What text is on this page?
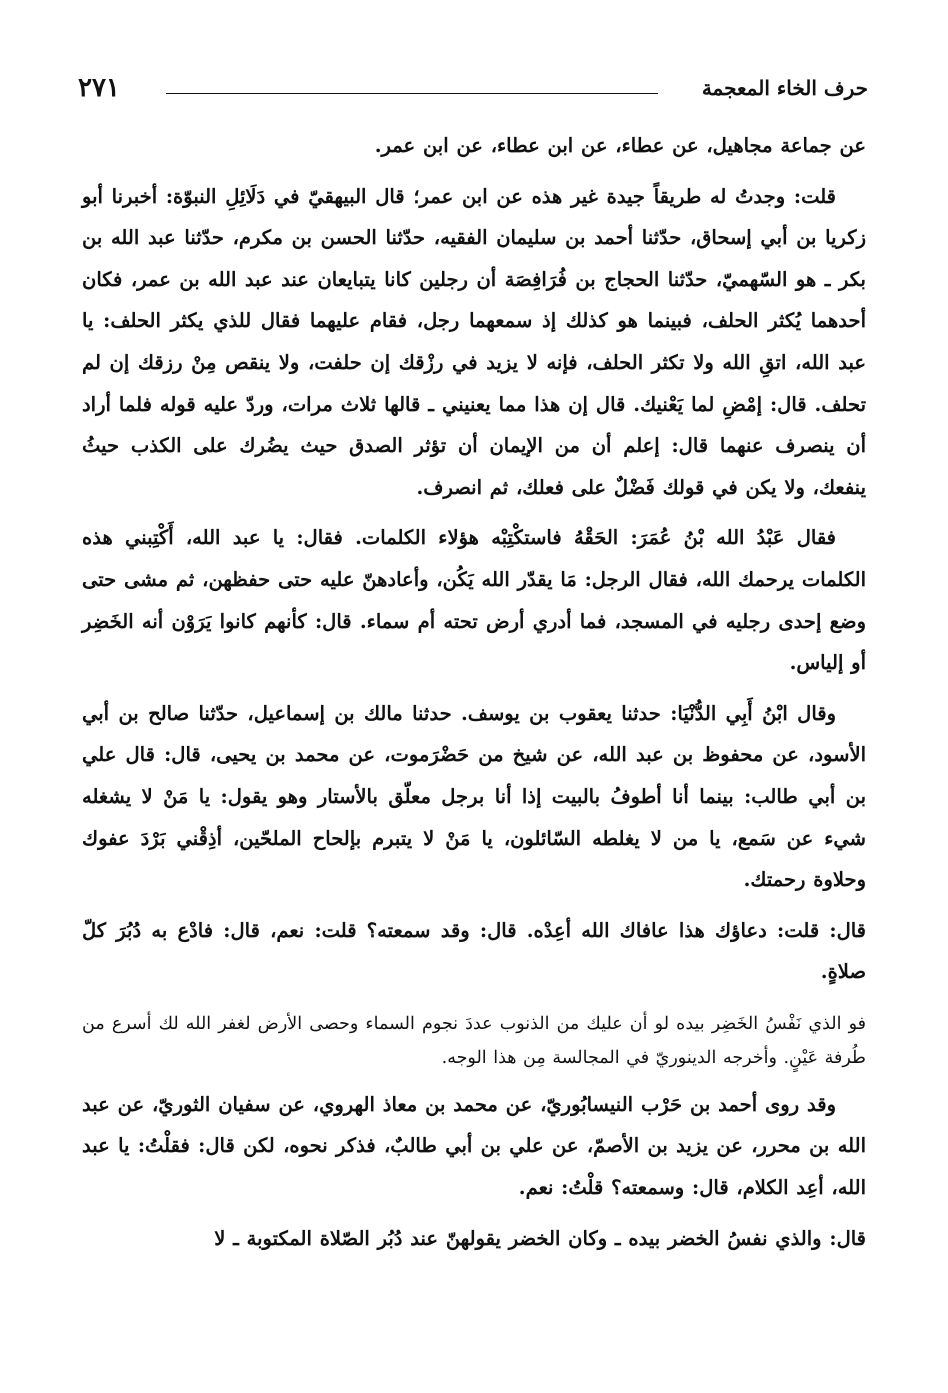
حرف الخاء المعجمة
٢٧١

عن جماعة مجاهيل، عن عطاء، عن ابن عطاء، عن ابن عمر.

قلت: وجدتُ له طريقاً جيدة غير هذه عن ابن عمر؛ قال البيهقيّ في دَلَائِلِ النبوّة: أخبرنا أبو زكريا بن أبي إسحاق، حدّثنا أحمد بن سليمان الفقيه، حدّثنا الحسن بن مكرم، حدّثنا عبد الله بن بكر ـ هو السّهميّ، حدّثنا الحجاج بن فُرَافِصَة أن رجلين كانا يتبايعان عند عبد الله بن عمر، فكان أحدهما يُكثر الحلف، فبينما هو كذلك إذ سمعهما رجل، فقام عليهما فقال للذي يكثر الحلف: يا عبد الله، اتقِ الله ولا تكثر الحلف، فإنه لا يزيد في رزْقك إن حلفت، ولا ينقص مِنْ رزقك إن لم تحلف. قال: إمْضِ لما يَعْنيك. قال إن هذا مما يعنيني ـ قالها ثلاث مرات، وردّ عليه قوله فلما أراد أن ينصرف عنهما قال: إعلم أن من الإيمان أن تؤثر الصدق حيث يضُرك على الكذب حيثُ ينفعك، ولا يكن في قولك فَضْلٌ على فعلك، ثم انصرف.

فقال عَبْدُ الله بْنُ عُمَرَ: الحَقْهُ فاستكْتِبْه هؤلاء الكلمات. فقال: يا عبد الله، أَكْتِبني هذه الكلمات يرحمك الله، فقال الرجل: مَا يقدّر الله يَكُن، وأعادهنّ عليه حتى حفظهن، ثم مشى حتى وضع إحدى رجليه في المسجد، فما أدري أرض تحته أم سماء. قال: كأنهم كانوا يَرَوْن أنه الخَضِر أو إلياس.

وقال ابْنُ أَبِي الدُّنْيَا: حدثنا يعقوب بن يوسف. حدثنا مالك بن إسماعيل، حدّثنا صالح بن أبي الأسود، عن محفوظ بن عبد الله، عن شيخ من حَضْرَموت، عن محمد بن يحيى، قال: قال علي بن أبي طالب: بينما أنا أطوفُ بالبيت إذا أنا برجل معلّق بالأستار وهو يقول: يا مَنْ لا يشغله شيء عن سَمع، يا من لا يغلطه السّائلون، يا مَنْ لا يتبرم بإلحاح الملحّين، أذِقْني بَرْدَ عفوك وحلاوة رحمتك.

قال: قلت: دعاؤك هذا عافاك الله أعِدْه. قال: وقد سمعته؟ قلت: نعم، قال: فادْع به دُبُرَ كلّ صلاةٍ.

فو الذي نَفْسُ الخَضِر بيده لو أن عليك من الذنوب عددَ نجوم السماء وحصى الأرض لغفر الله لك أسرع من طُرفة عَيْنٍ. وأخرجه الدينوريّ في المجالسة مِن هذا الوجه.

وقد روى أحمد بن حَرْب النيسابُوريّ، عن محمد بن معاذ الهروي، عن سفيان الثوريّ، عن عبد الله بن محرر، عن يزيد بن الأصمّ، عن علي بن أبي طالبٌ، فذكر نحوه، لكن قال: فقلْتُ: يا عبد الله، أعِد الكلام، قال: وسمعته؟ قلْتُ: نعم.

قال: والذي نفسُ الخضر بيده ـ وكان الخضر يقولهنّ عند دُبُر الصّلاة المكتوبة ـ لا
